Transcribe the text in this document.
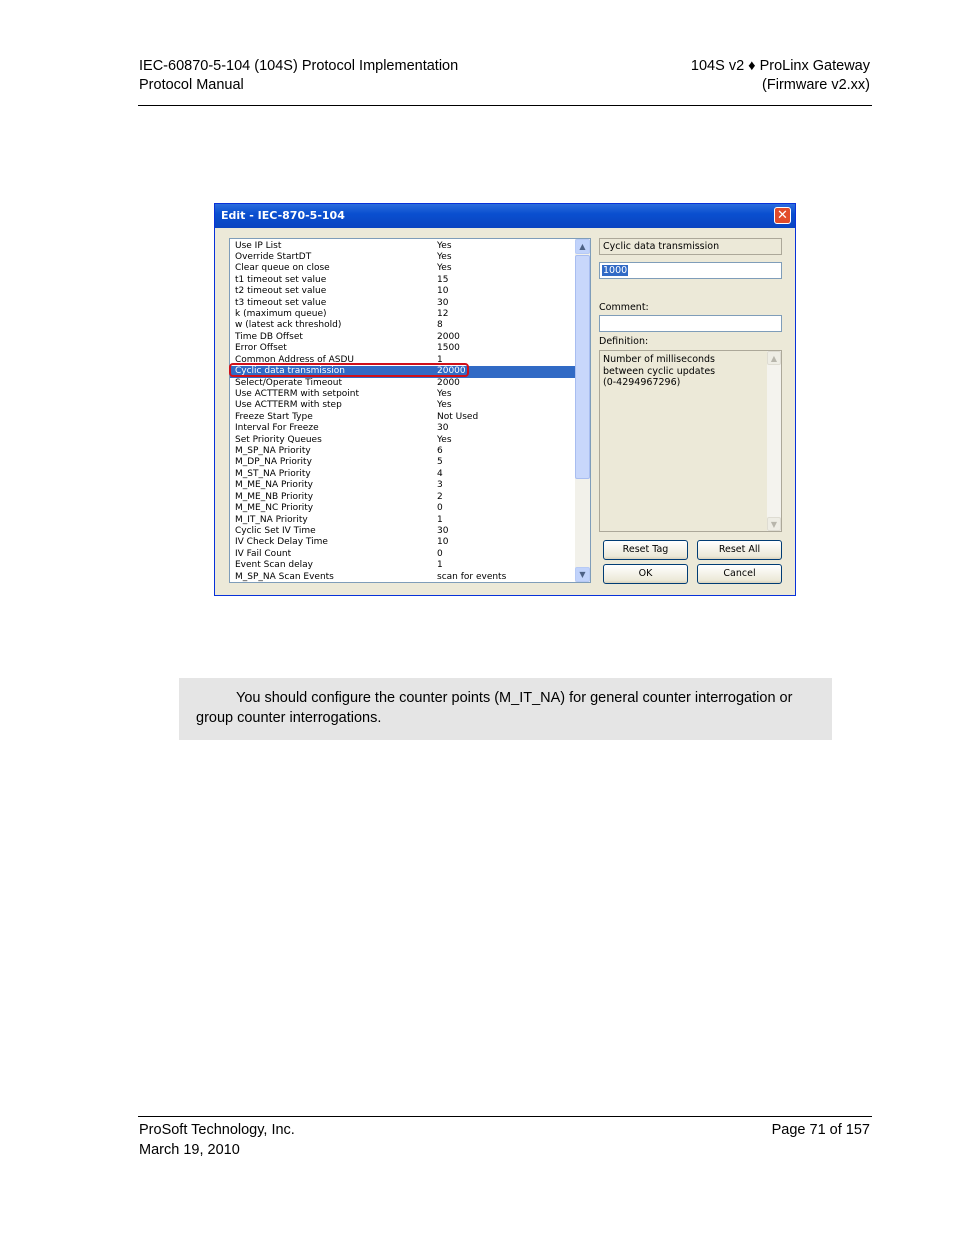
IEC-60870-5-104 (104S) Protocol Implementation
Protocol Manual
104S v2 ♦ ProLinx Gateway
(Firmware v2.xx)
Edit - IEC-870-5-104	✕
M_SP_NA Scan Events	scan for events
Event Scan delay	1
IV Fail Count	0
IV Check Delay Time	10
Cyclic Set IV Time	30
M_IT_NA Priority	1
M_ME_NC Priority	0
M_ME_NB Priority	2
M_ME_NA Priority	3
M_ST_NA Priority	4
M_DP_NA Priority	5
M_SP_NA Priority	6
Set Priority Queues	Yes
Interval For Freeze	30
Freeze Start Type	Not Used
Use ACTTERM with step	Yes
Use ACTTERM with setpoint	Yes
Select/Operate Timeout	2000
Cyclic data transmission	20000
Common Address of ASDU	1
Error Offset	1500
Time DB Offset	2000
w (latest ack threshold)	8
k (maximum queue)	12
t3 timeout set value	30
t2 timeout set value	10
t1 timeout set value	15
Clear queue on close	Yes
Override StartDT	Yes
Use IP List	Yes	▲
▼
Cyclic data transmission
1000
Comment:
Definition:
Number of milliseconds
between cyclic updates
(0-4294967296)
▲
▼
Reset Tag	Reset All
OK	Cancel
You should configure the counter points (M_IT_NA) for general counter interrogation or
group counter interrogations.
ProSoft Technology, Inc.
March 19, 2010
Page 71 of 157
